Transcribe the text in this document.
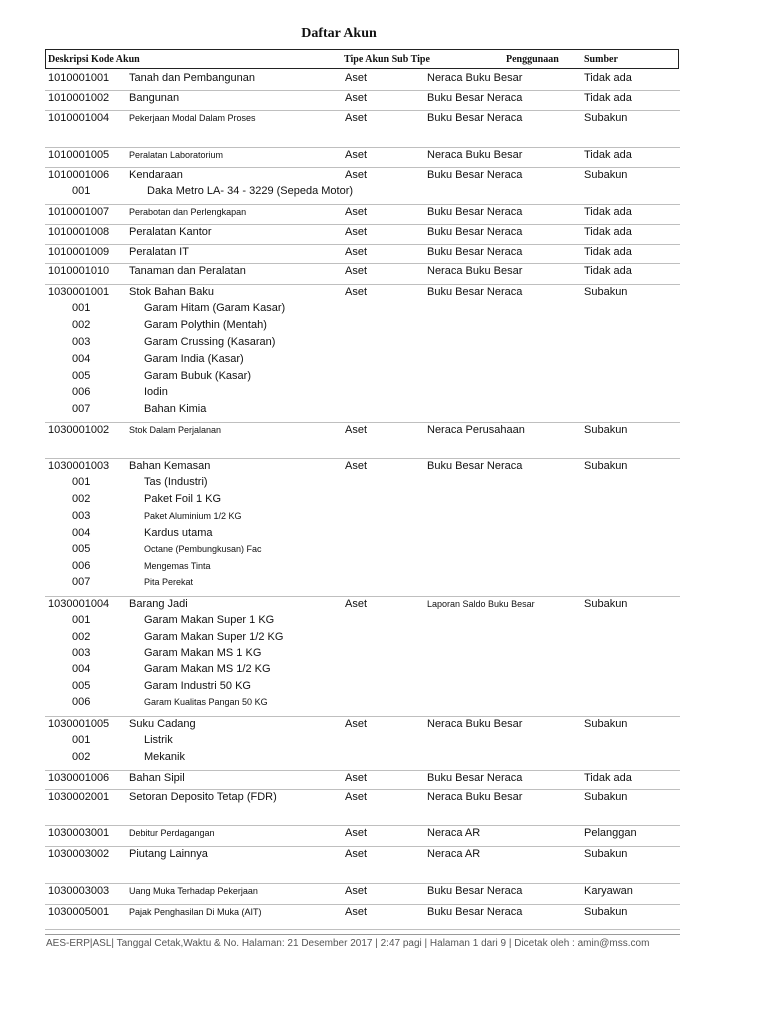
Daftar Akun
Deskripsi Kode Akun	Tipe Akun Sub Tipe	Penggunaan	Sumber
1010001001 Tanah dan Pembangunan	Aset	Neraca Buku Besar	Tidak ada
1010001002 Bangunan	Aset	Buku Besar Neraca	Tidak ada
1010001004 Pekerjaan Modal Dalam Proses	Aset	Buku Besar Neraca	Subakun
1010001005 Peralatan Laboratorium	Aset	Neraca Buku Besar	Tidak ada
1010001006 Kendaraan	Aset	Buku Besar Neraca	Subakun
001	Daka Metro LA- 34 - 3229 (Sepeda Motor)
1010001007 Perabotan dan Perlengkapan	Aset	Buku Besar Neraca	Tidak ada
1010001008 Peralatan Kantor	Aset	Buku Besar Neraca	Tidak ada
1010001009 Peralatan IT	Aset	Buku Besar Neraca	Tidak ada
1010001010 Tanaman dan Peralatan	Aset	Neraca Buku Besar	Tidak ada
1030001001 Stok Bahan Baku	Aset	Buku Besar Neraca	Subakun
001	Garam Hitam (Garam Kasar)
002	Garam Polythin (Mentah)
003	Garam Crussing (Kasaran)
004	Garam India (Kasar)
005	Garam Bubuk (Kasar)
006	Iodin
007	Bahan Kimia
1030001002 Stok Dalam Perjalanan	Aset	Neraca Perusahaan	Subakun
1030001003 Bahan Kemasan	Aset	Buku Besar Neraca	Subakun
001	Tas (Industri)
002	Paket Foil 1 KG
003	Paket Aluminium 1/2 KG
004	Kardus utama
005	Octane (Pembungkusan) Fac
006	Mengemas Tinta
007	Pita Perekat
1030001004 Barang Jadi	Aset	Laporan Saldo Buku Besar	Subakun
001	Garam Makan Super 1 KG
002	Garam Makan Super 1/2 KG
003	Garam Makan MS 1 KG
004	Garam Makan MS 1/2 KG
005	Garam Industri 50 KG
006	Garam Kualitas Pangan 50 KG
1030001005 Suku Cadang	Aset	Neraca Buku Besar	Subakun
001	Listrik
002	Mekanik
1030001006 Bahan Sipil	Aset	Buku Besar Neraca	Tidak ada
1030002001 Setoran Deposito Tetap (FDR)	Aset	Neraca Buku Besar	Subakun
1030003001 Debitur Perdagangan	Aset	Neraca AR	Pelanggan
1030003002 Piutang Lainnya	Aset	Neraca AR	Subakun
1030003003 Uang Muka Terhadap Pekerjaan	Aset	Buku Besar Neraca	Karyawan
1030005001 Pajak Penghasilan Di Muka (AIT)	Aset	Buku Besar Neraca	Subakun
AES-ERP|ASL| Tanggal Cetak,Waktu & No. Halaman: 21 Desember 2017 | 2:47 pagi | Halaman 1 dari 9 | Dicetak oleh : amin@mss.com
